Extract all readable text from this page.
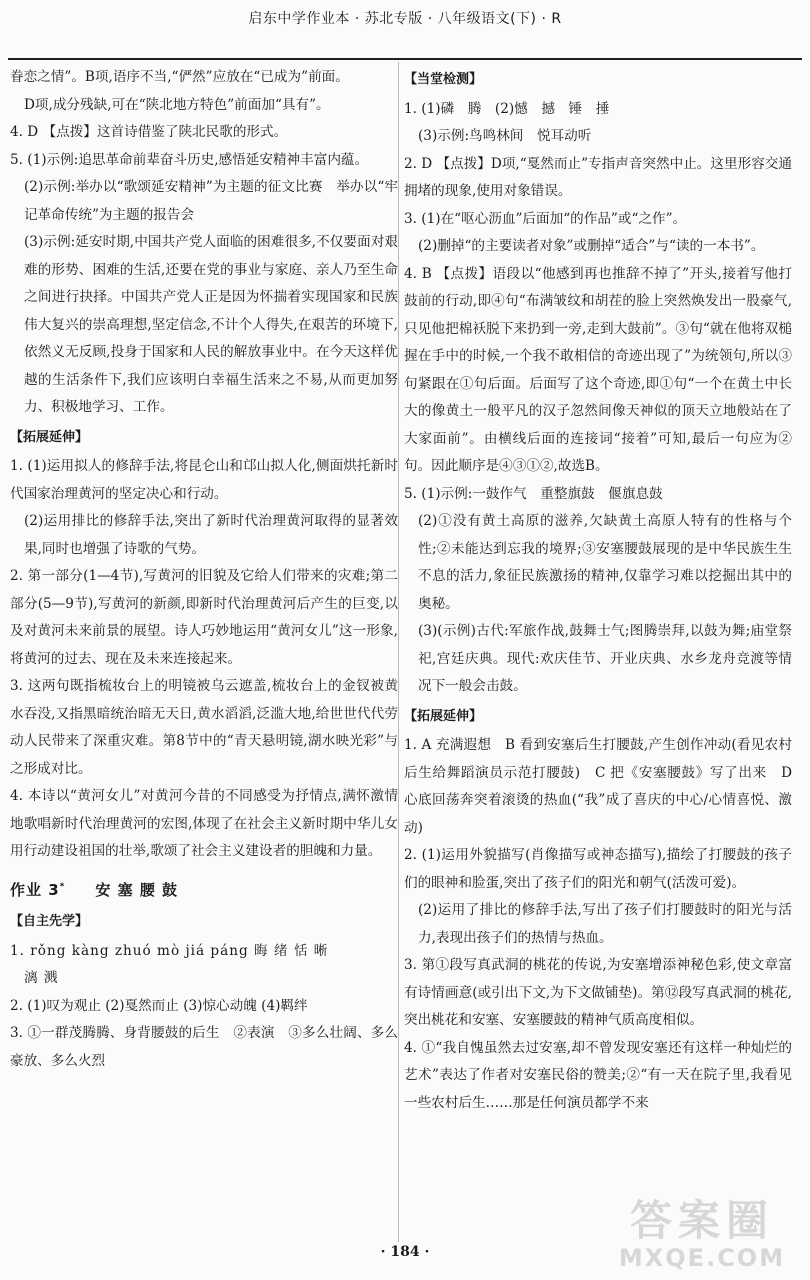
启东中学作业本 · 苏北专版 · 八年级语文(下) · R

眷恋之情”。B项,语序不当,“俨然”应放在“已成为”前面。

D项,成分残缺,可在“陕北地方特色”前面加“具有”。

4. D 【点拨】这首诗借鉴了陕北民歌的形式。

5. (1)示例:追思革命前辈奋斗历史,感悟延安精神丰富内蕴。

(2)示例:举办以“歌颂延安精神”为主题的征文比赛　举办以“牢记革命传统”为主题的报告会

(3)示例:延安时期,中国共产党人面临的困难很多,不仅要面对艰难的形势、困难的生活,还要在党的事业与家庭、亲人乃至生命之间进行抉择。中国共产党人正是因为怀揣着实现国家和民族伟大复兴的崇高理想,坚定信念,不计个人得失,在艰苦的环境下,依然义无反顾,投身于国家和人民的解放事业中。在今天这样优越的生活条件下,我们应该明白幸福生活来之不易,从而更加努力、积极地学习、工作。

【拓展延伸】

1. (1)运用拟人的修辞手法,将昆仑山和邙山拟人化,侧面烘托新时代国家治理黄河的坚定决心和行动。

(2)运用排比的修辞手法,突出了新时代治理黄河取得的显著效果,同时也增强了诗歌的气势。

2. 第一部分(1—4节),写黄河的旧貌及它给人们带来的灾难;第二部分(5—9节),写黄河的新颜,即新时代治理黄河后产生的巨变,以及对黄河未来前景的展望。诗人巧妙地运用“黄河女儿”这一形象,将黄河的过去、现在及未来连接起来。

3. 这两句既指梳妆台上的明镜被乌云遮盖,梳妆台上的金钗被黄水吞没,又指黑暗统治暗无天日,黄水滔滔,泛滥大地,给世世代代劳动人民带来了深重灾难。第8节中的“青天悬明镜,湖水映光彩”与之形成对比。

4. 本诗以“黄河女儿”对黄河今昔的不同感受为抒情点,满怀激情地歌唱新时代治理黄河的宏图,体现了在社会主义新时期中华儿女用行动建设祖国的壮举,歌颂了社会主义建设者的胆魄和力量。

作业 3* 安 塞 腰 鼓
【自主先学】

1. rǒng kàng zhuó mò jiá páng 晦 绪 恬 晰

漓 溅

2. (1)叹为观止 (2)戛然而止 (3)惊心动魄 (4)羁绊

3. ①一群茂腾腾、身背腰鼓的后生　②表演　③多么壮阔、多么豪放、多么火烈

【当堂检测】

1. (1)磷　腾　(2)憾　撼　锤　捶

(3)示例:鸟鸣林间　悦耳动听

2. D 【点拨】D项,“戛然而止”专指声音突然中止。这里形容交通拥堵的现象,使用对象错误。

3. (1)在“呕心沥血”后面加“的作品”或“之作”。

(2)删掉“的主要读者对象”或删掉“适合”与“读的一本书”。

4. B 【点拨】语段以“他感到再也推辞不掉了”开头,接着写他打鼓前的行动,即④句“布满皱纹和胡茬的脸上突然焕发出一股豪气,只见他把棉袄脱下来扔到一旁,走到大鼓前”。③句“就在他将双槌握在手中的时候,一个我不敢相信的奇迹出现了”为统领句,所以③句紧跟在①句后面。后面写了这个奇迹,即①句“一个在黄土中长大的像黄土一般平凡的汉子忽然间像天神似的顶天立地般站在了大家面前”。由横线后面的连接词“接着”可知,最后一句应为②句。因此顺序是④③①②,故选B。

5. (1)示例:一鼓作气　重整旗鼓　偃旗息鼓

(2)①没有黄土高原的滋养,欠缺黄土高原人特有的性格与个性;②未能达到忘我的境界;③安塞腰鼓展现的是中华民族生生不息的活力,象征民族激扬的精神,仅靠学习难以挖掘出其中的奥秘。

(3)(示例)古代:军旅作战,鼓舞士气;图腾崇拜,以鼓为舞;庙堂祭祀,宫廷庆典。现代:欢庆佳节、开业庆典、水乡龙舟竞渡等情况下一般会击鼓。

【拓展延伸】

1. A 充满遐想　B 看到安塞后生打腰鼓,产生创作冲动(看见农村后生给舞蹈演员示范打腰鼓)　C 把《安塞腰鼓》写了出来　D 心底回荡奔突着滚烫的热血(“我”成了喜庆的中心/心情喜悦、激动)

2. (1)运用外貌描写(肖像描写或神态描写),描绘了打腰鼓的孩子们的眼神和脸蛋,突出了孩子们的阳光和朝气(活泼可爱)。

(2)运用了排比的修辞手法,写出了孩子们打腰鼓时的阳光与活力,表现出孩子们的热情与热血。

3. 第①段写真武洞的桃花的传说,为安塞增添神秘色彩,使文章富有诗情画意(或引出下文,为下文做铺垫)。第⑫段写真武洞的桃花,突出桃花和安塞、安塞腰鼓的精神气质高度相似。

4. ①“我自愧虽然去过安塞,却不曾发现安塞还有这样一种灿烂的艺术”表达了作者对安塞民俗的赞美;②“有一天在院子里,我看见一些农村后生……那是任何演员都学不来

· 184 ·
答案圈
MXQE.COM
